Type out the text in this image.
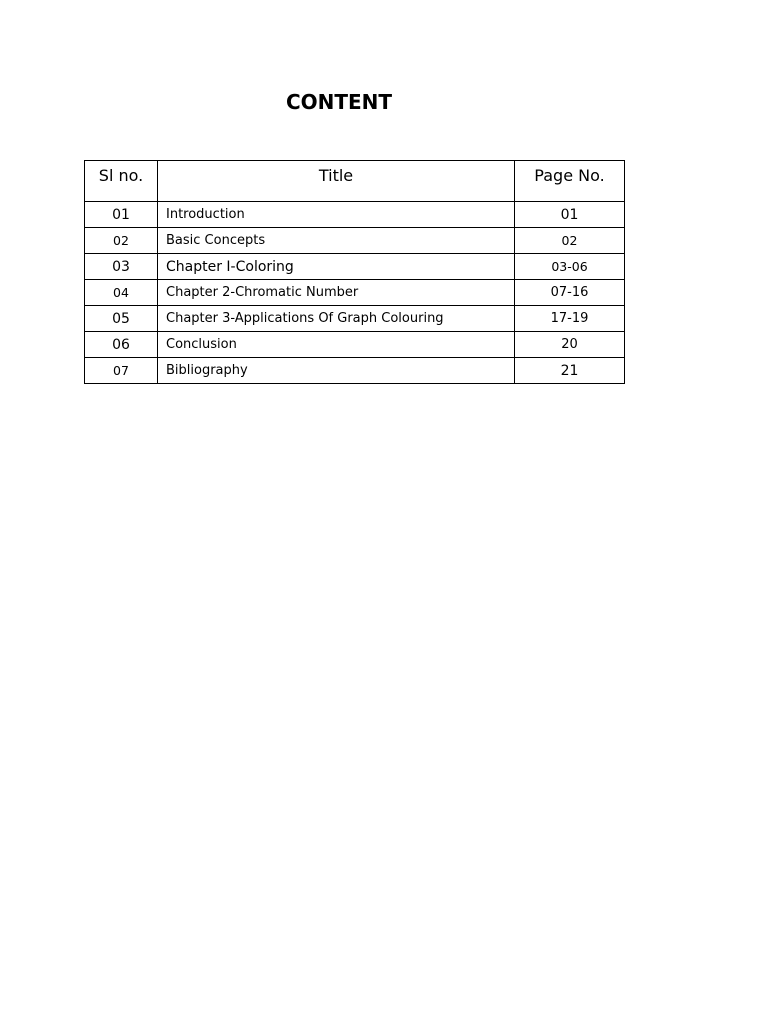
CONTENT
Sl no.	Title	Page No.
01	Introduction	01
02	Basic Concepts	02
03	Chapter I-Coloring	03-06
04	Chapter 2-Chromatic Number	07-16
05	Chapter 3-Applications Of Graph Colouring	17-19
06	Conclusion	20
07	Bibliography	21
